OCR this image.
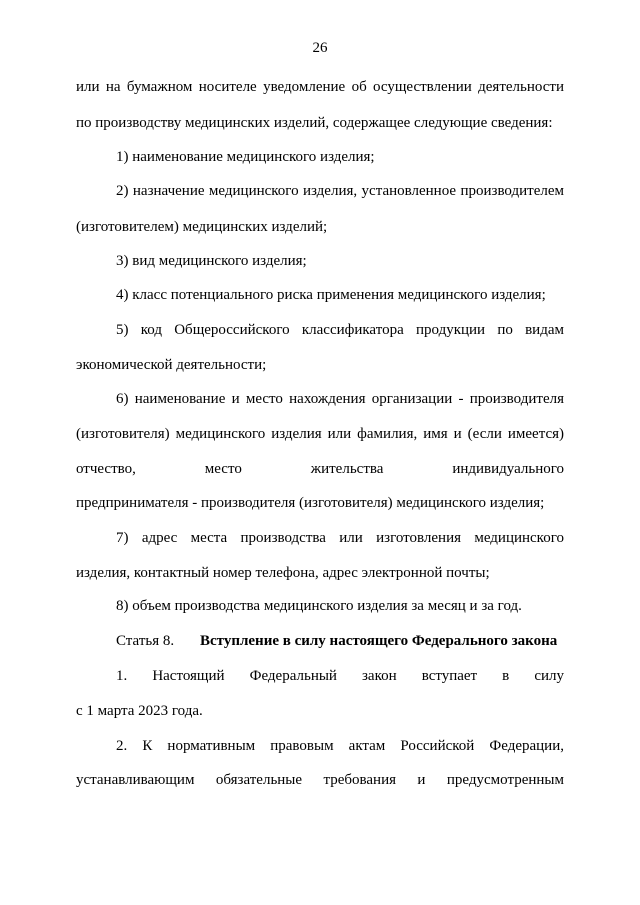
26
или на бумажном носителе уведомление об осуществлении деятельности
по производству медицинских изделий, содержащее следующие сведения:
1) наименование медицинского изделия;
2) назначение медицинского изделия, установленное производителем
(изготовителем) медицинских изделий;
3) вид медицинского изделия;
4) класс потенциального риска применения медицинского изделия;
5) код Общероссийского классификатора продукции по видам
экономической деятельности;
6) наименование и место нахождения организации - производителя
(изготовителя) медицинского изделия или фамилия, имя и (если имеется)
отчество, место жительства индивидуального
предпринимателя - производителя (изготовителя) медицинского изделия;
7) адрес места производства или изготовления медицинского
изделия, контактный номер телефона, адрес электронной почты;
8) объем производства медицинского изделия за месяц и за год.
Статья 8. Вступление в силу настоящего Федерального закона
1. Настоящий Федеральный закон вступает в силу
с 1 марта 2023 года.
2. К нормативным правовым актам Российской Федерации,
устанавливающим обязательные требования и предусмотренным
